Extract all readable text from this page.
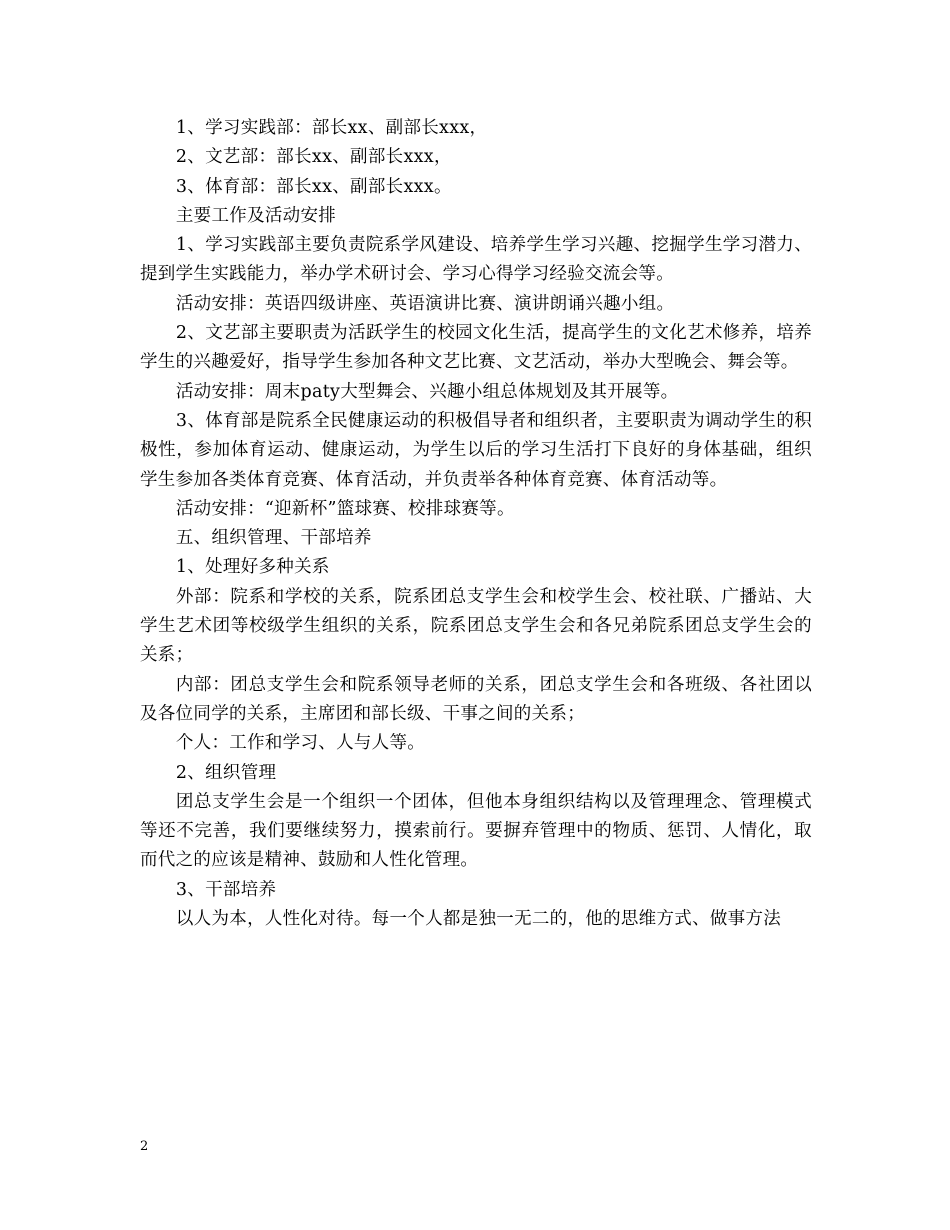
1、学习实践部：部长xx、副部长xxx，

2、文艺部：部长xx、副部长xxx，

3、体育部：部长xx、副部长xxx。

主要工作及活动安排

1、学习实践部主要负责院系学风建设、培养学生学习兴趣、挖掘学生学习潜力、提到学生实践能力，举办学术研讨会、学习心得学习经验交流会等。

活动安排：英语四级讲座、英语演讲比赛、演讲朗诵兴趣小组。

2、文艺部主要职责为活跃学生的校园文化生活，提高学生的文化艺术修养，培养学生的兴趣爱好，指导学生参加各种文艺比赛、文艺活动，举办大型晚会、舞会等。

活动安排：周末paty大型舞会、兴趣小组总体规划及其开展等。

3、体育部是院系全民健康运动的积极倡导者和组织者，主要职责为调动学生的积极性，参加体育运动、健康运动，为学生以后的学习生活打下良好的身体基础，组织学生参加各类体育竞赛、体育活动，并负责举各种体育竞赛、体育活动等。

活动安排：“迎新杯”篮球赛、校排球赛等。

五、组织管理、干部培养

1、处理好多种关系

外部：院系和学校的关系，院系团总支学生会和校学生会、校社联、广播站、大学生艺术团等校级学生组织的关系，院系团总支学生会和各兄弟院系团总支学生会的关系；

内部：团总支学生会和院系领导老师的关系，团总支学生会和各班级、各社团以及各位同学的关系，主席团和部长级、干事之间的关系；

个人：工作和学习、人与人等。

2、组织管理

团总支学生会是一个组织一个团体，但他本身组织结构以及管理理念、管理模式等还不完善，我们要继续努力，摸索前行。要摒弃管理中的物质、惩罚、人情化，取而代之的应该是精神、鼓励和人性化管理。

3、干部培养

以人为本，人性化对待。每一个人都是独一无二的，他的思维方式、做事方法

2
